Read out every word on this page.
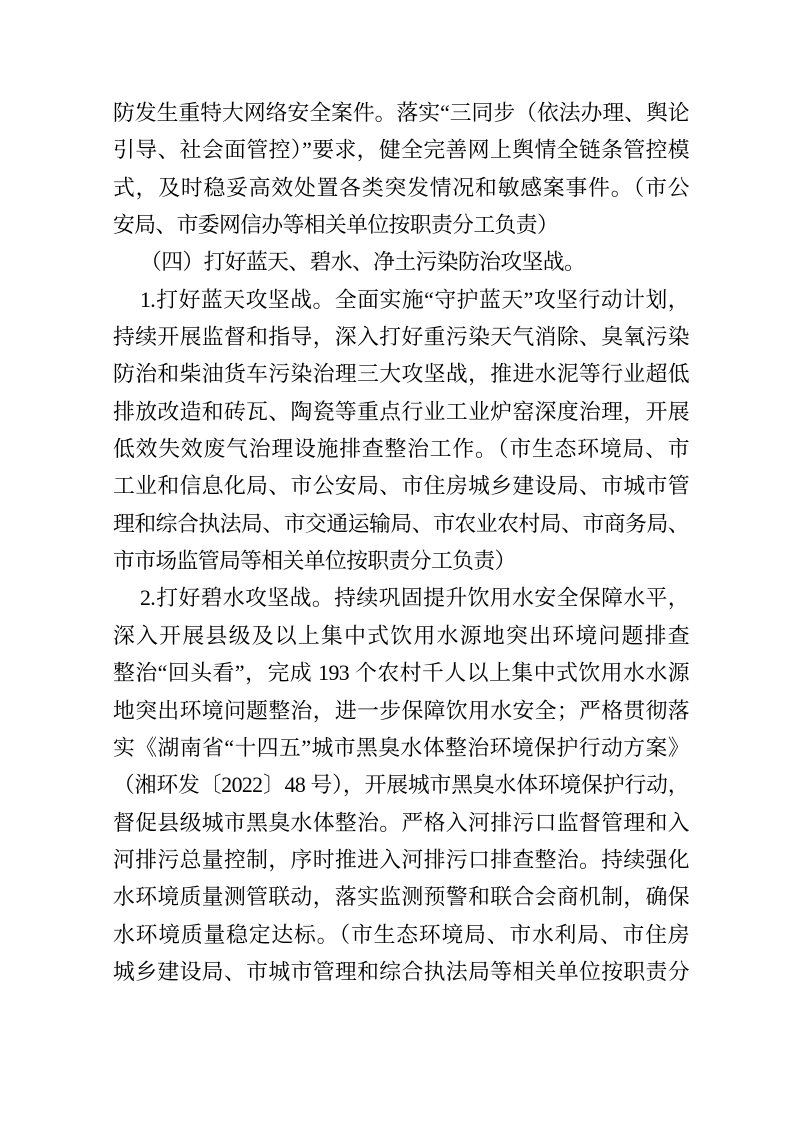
防发生重特大网络安全案件。落实“三同步（依法办理、舆论
引导、社会面管控）”要求，健全完善网上舆情全链条管控模
式，及时稳妥高效处置各类突发情况和敏感案事件。（市公
安局、市委网信办等相关单位按职责分工负责）
（四）打好蓝天、碧水、净土污染防治攻坚战。
1.打好蓝天攻坚战。全面实施“守护蓝天”攻坚行动计划，
持续开展监督和指导，深入打好重污染天气消除、臭氧污染
防治和柴油货车污染治理三大攻坚战，推进水泥等行业超低
排放改造和砖瓦、陶瓷等重点行业工业炉窑深度治理，开展
低效失效废气治理设施排查整治工作。（市生态环境局、市
工业和信息化局、市公安局、市住房城乡建设局、市城市管
理和综合执法局、市交通运输局、市农业农村局、市商务局、
市市场监管局等相关单位按职责分工负责）
2.打好碧水攻坚战。持续巩固提升饮用水安全保障水平，
深入开展县级及以上集中式饮用水源地突出环境问题排查
整治“回头看”，完成 193 个农村千人以上集中式饮用水水源
地突出环境问题整治，进一步保障饮用水安全；严格贯彻落
实《湖南省“十四五”城市黑臭水体整治环境保护行动方案》
（湘环发〔2022〕48 号），开展城市黑臭水体环境保护行动，
督促县级城市黑臭水体整治。严格入河排污口监督管理和入
河排污总量控制，序时推进入河排污口排查整治。持续强化
水环境质量测管联动，落实监测预警和联合会商机制，确保
水环境质量稳定达标。（市生态环境局、市水利局、市住房
城乡建设局、市城市管理和综合执法局等相关单位按职责分
